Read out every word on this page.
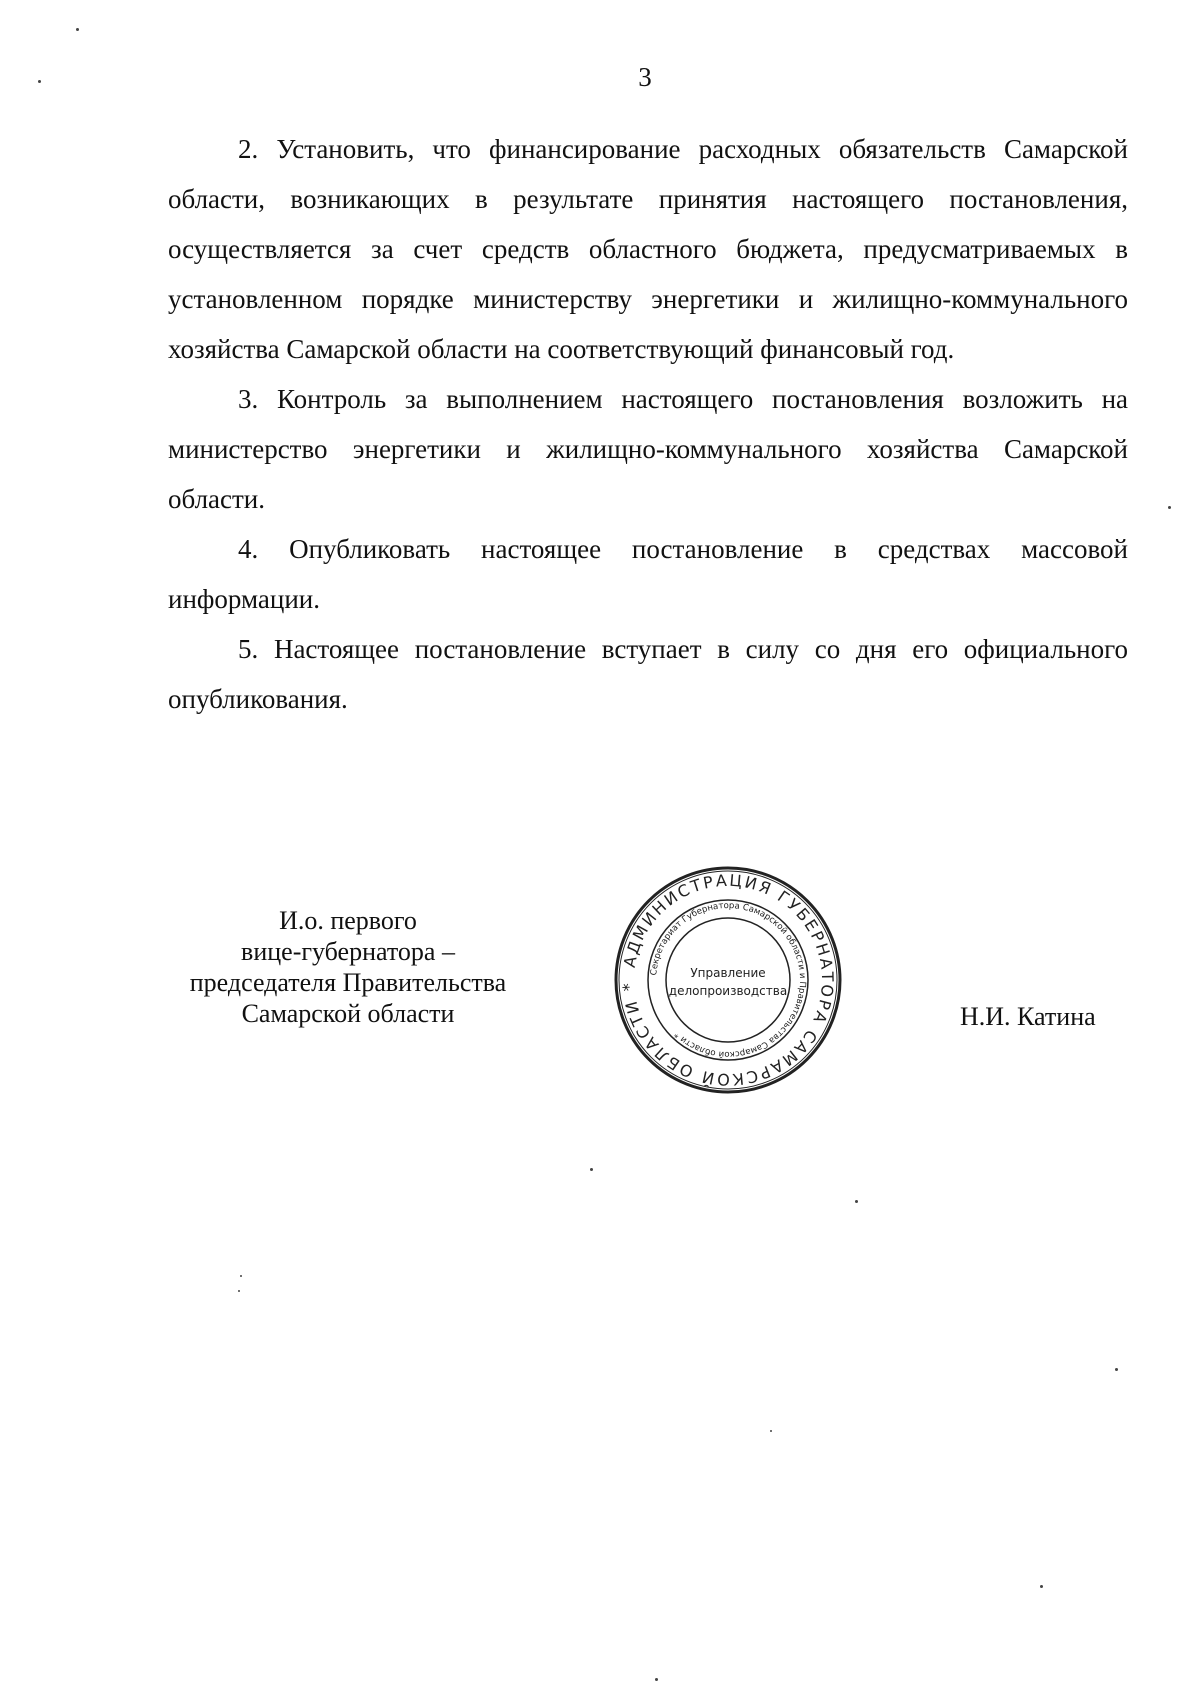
3

2. Установить, что финансирование расходных обязательств Самарской области, возникающих в результате принятия настоящего постановления, осуществляется за счет средств областного бюджета, предусматриваемых в установленном порядке министерству энергетики и жилищно-коммунального хозяйства Самарской области на соответствующий финансовый год.

3. Контроль за выполнением настоящего постановления возложить на министерство энергетики и жилищно-коммунального хозяйства Самарской области.

4. Опубликовать настоящее постановление в средствах массовой информации.

5. Настоящее постановление вступает в силу со дня его официального опубликования.

И.о. первого
вице-губернатора –
председателя Правительства
Самарской области
АДМИНИСТРАЦИЯ ГУБЕРНАТОРА САМАРСКОЙ ОБЛАСТИ *
Секретариат Губернатора Самарской области и Правительства Самарской области *
Управление
делопроизводства
Н.И. Катина
